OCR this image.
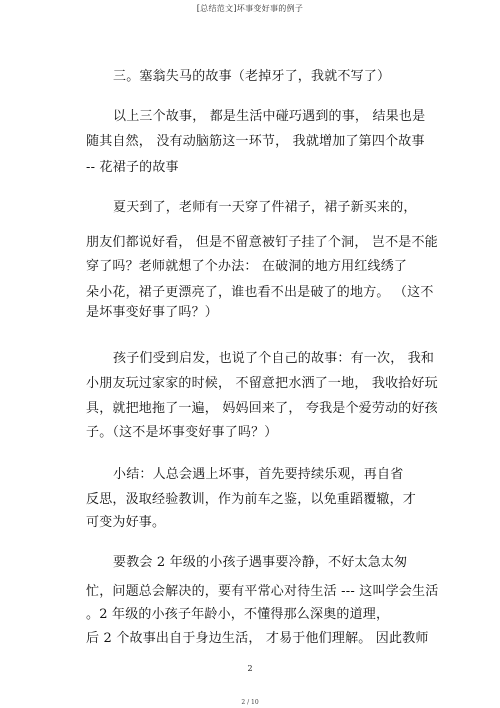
[总结范文]坏事变好事的例子
三。塞翁失马的故事（老掉牙了，我就不写了）
以上三个故事， 都是生活中碰巧遇到的事， 结果也是
随其自然， 没有动脑筋这一环节， 我就增加了第四个故事
-- 花裙子的故事
夏天到了，老师有一天穿了件裙子，裙子新买来的，
朋友们都说好看， 但是不留意被钉子挂了个洞， 岂不是不能
穿了吗？老师就想了个办法： 在破洞的地方用红线绣了
朵小花，裙子更漂亮了，谁也看不出是破了的地方。 （这不
是坏事变好事了吗？）
孩子们受到启发，也说了个自己的故事：有一次， 我和
小朋友玩过家家的时候， 不留意把水洒了一地， 我收拾好玩
具，就把地拖了一遍， 妈妈回来了， 夸我是个爱劳动的好孩
子。（这不是坏事变好事了吗？）
小结：人总会遇上坏事，首先要持续乐观，再自省
反思，汲取经验教训，作为前车之鉴，以免重蹈覆辙，才
可变为好事。
要教会 2 年级的小孩子遇事要冷静，不好太急太匆
忙，问题总会解决的，要有平常心对待生活 --- 这叫学会生活
。2 年级的小孩子年龄小，不懂得那么深奥的道理，
后 2 个故事出自于身边生活， 才易于他们理解。 因此教师
2
2 / 10
